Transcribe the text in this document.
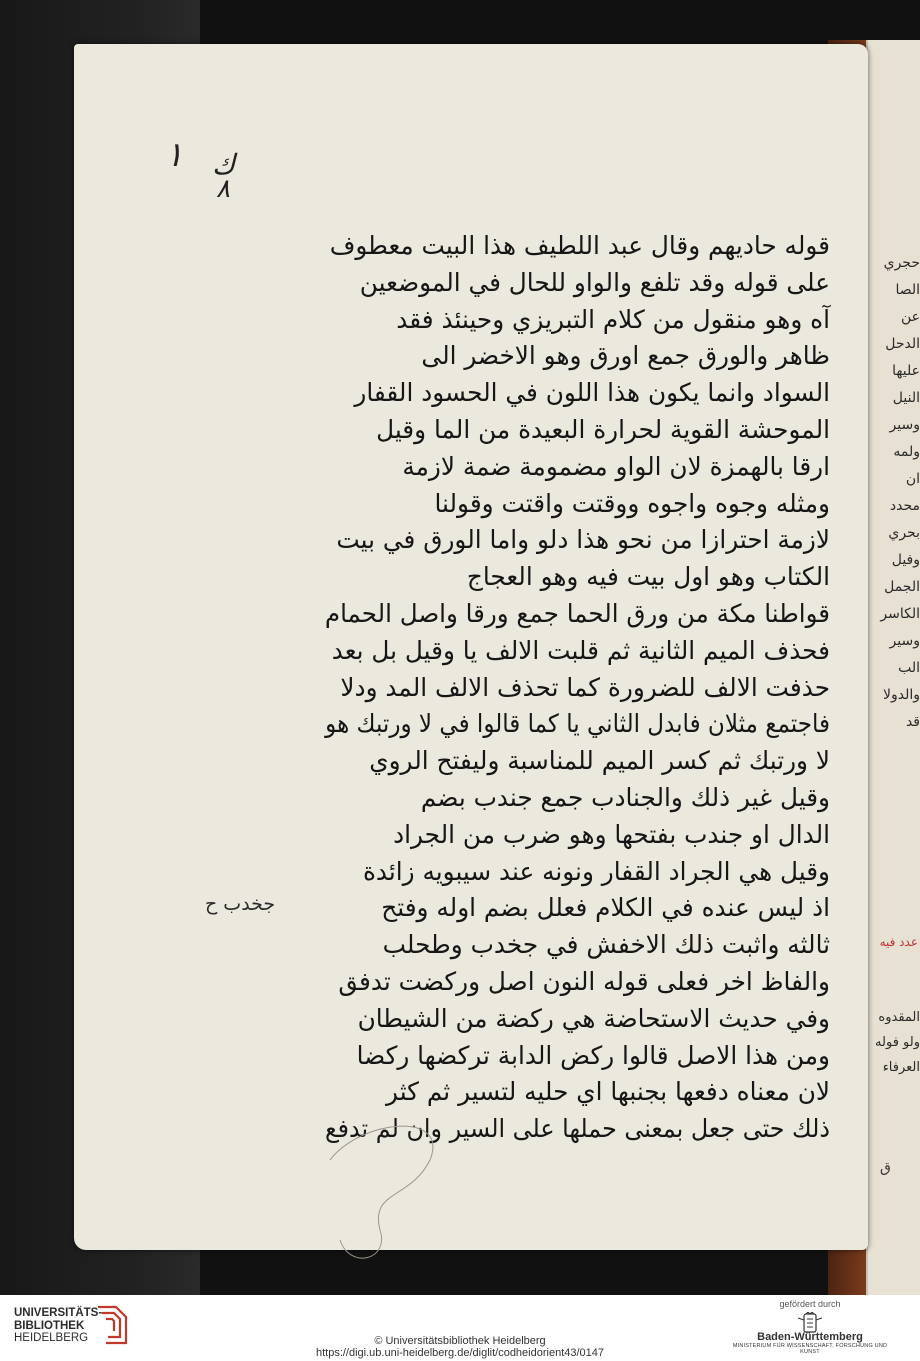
١ ك
٨
قوله حاديهم وقال عبد اللطيف هذا البيت معطوف
على قوله وقد تلفع والواو للحال في الموضعين
آه وهو منقول من كلام التبريزي وحينئذ فقد
ظاهر والورق جمع اورق وهو الاخضر الى
السواد وانما يكون هذا اللون في الحسود القفار
الموحشة القوية لحرارة البعيدة من الما وقيل
ارقا بالهمزة لان الواو مضمومة ضمة لازمة
ومثله وجوه واجوه ووقتت واقتت وقولنا
لازمة احترازا من نحو هذا دلو واما الورق في بيت
الكتاب وهو اول بيت فيه وهو العجاج
قواطنا مكة من ورق الحما جمع ورقا واصل الحمام
فحذف الميم الثانية ثم قلبت الالف يا وقيل بل بعد
حذفت الالف للضرورة كما تحذف الالف المد ودلا
فاجتمع مثلان فابدل الثاني يا كما قالوا في لا ورتبك هو
لا ورتبك ثم كسر الميم للمناسبة وليفتح الروي
وقيل غير ذلك والجنادب جمع جندب بضم
الدال او جندب بفتحها وهو ضرب من الجراد
وقيل هي الجراد القفار ونونه عند سيبويه زائدة
اذ ليس عنده في الكلام فعلل بضم اوله وفتح
ثالثه واثبت ذلك الاخفش في جخدب وطحلب
والفاظ اخر فعلى قوله النون اصل وركضت تدفق
وفي حديث الاستحاضة هي ركضة من الشيطان
ومن هذا الاصل قالوا ركض الدابة تركضها ركضا
لان معناه دفعها بجنبها اي حليه لتسير ثم كثر
ذلك حتى جعل بمعنى حملها على السير وان لم تدفع
جخدب ح
حجري
الصا
عن
الدحل
عليها
النيل
وسير
ولمه
ان
محدد
بحري
وفيل
الجمل
الكاسر
وسير
الب
والدولا
قد
عدد فيه
المقدوه
ولو فوله
العرفاء
ق
UNIVERSITÄTS-
BIBLIOTHEK
HEIDELBERG	© Universitätsbibliothek Heidelberg
https://digi.ub.uni-heidelberg.de/diglit/codheidorient43/0147
gefördert durch
Baden-Württemberg
MINISTERIUM FÜR WISSENSCHAFT, FORSCHUNG UND KUNST
